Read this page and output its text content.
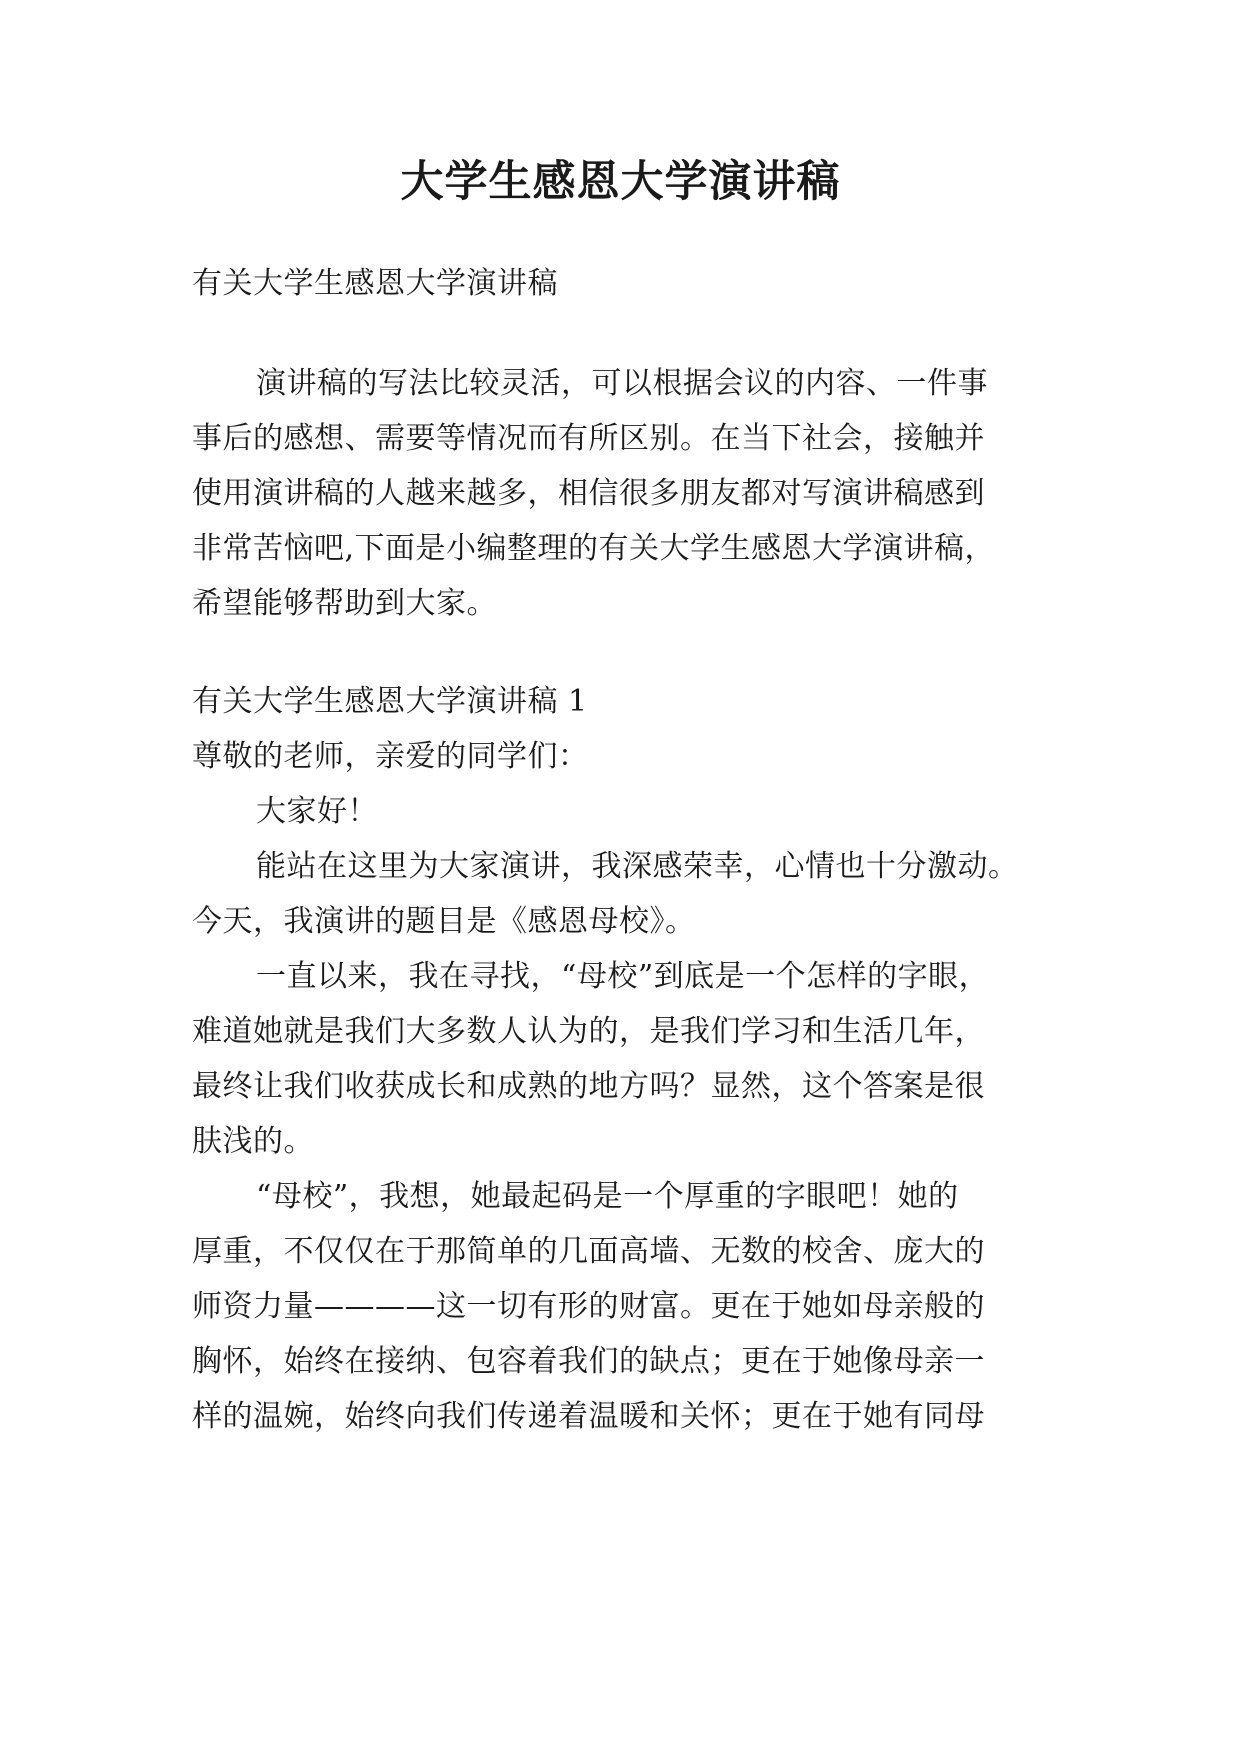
大学生感恩大学演讲稿

有关大学生感恩大学演讲稿

演讲稿的写法比较灵活，可以根据会议的内容、一件事

事后的感想、需要等情况而有所区别。在当下社会，接触并

使用演讲稿的人越来越多，相信很多朋友都对写演讲稿感到

非常苦恼吧,下面是小编整理的有关大学生感恩大学演讲稿，

希望能够帮助到大家。

有关大学生感恩大学演讲稿 1

尊敬的老师，亲爱的同学们：

大家好！

能站在这里为大家演讲，我深感荣幸，心情也十分激动。

今天，我演讲的题目是《感恩母校》。

一直以来，我在寻找，“母校”到底是一个怎样的字眼，

难道她就是我们大多数人认为的，是我们学习和生活几年，

最终让我们收获成长和成熟的地方吗？显然，这个答案是很

肤浅的。

“母校”，我想，她最起码是一个厚重的字眼吧！她的

厚重，不仅仅在于那简单的几面高墙、无数的校舍、庞大的

师资力量————这一切有形的财富。更在于她如母亲般的

胸怀，始终在接纳、包容着我们的缺点；更在于她像母亲一

样的温婉，始终向我们传递着温暖和关怀；更在于她有同母
